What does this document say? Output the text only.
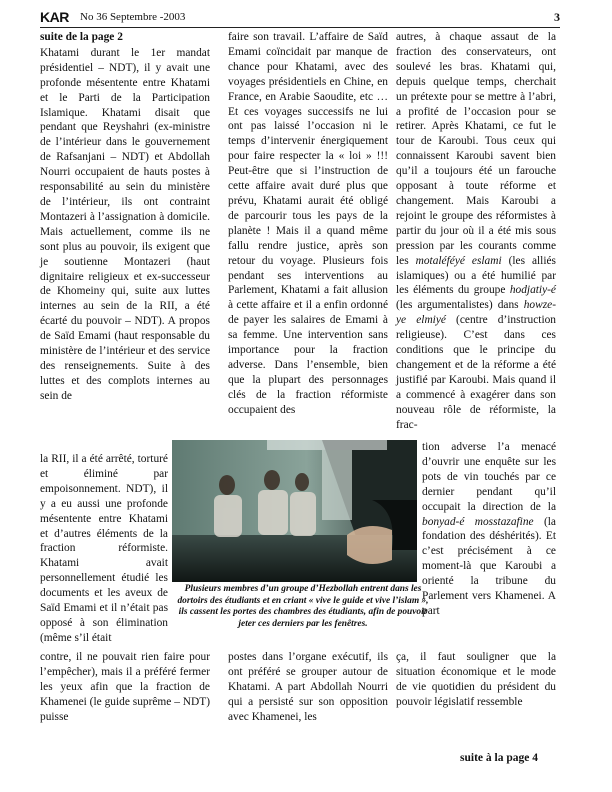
KAR No 36 Septembre -2003	3
suite de la page 2

Khatami durant le 1er mandat présidentiel – NDT), il y avait une profonde mésentente entre Khatami et le Parti de la Participation Islamique. Khatami disait que pendant que Reyshahri (ex-ministre de l’intérieur dans le gouvernement de Rafsanjani – NDT) et Abdollah Nourri occupaient de hauts postes à responsabilité au sein du ministère de l’intérieur, ils ont contraint Montazeri à l’assignation à domicile. Mais actuellement, comme ils ne sont plus au pouvoir, ils exigent que je soutienne Montazeri (haut dignitaire religieux et ex-successeur de Khomeiny qui, suite aux luttes internes au sein de la RII, a été écarté du pouvoir – NDT). A propos de Saïd Emami (haut responsable du ministère de l’intérieur et des service des renseignements. Suite à des luttes et des complots internes au sein de

la RII, il a été arrêté, torturé et éliminé par empoisonnement. NDT), il y a eu aussi une profonde mésentente entre Khatami et d’autres éléments de la fraction réformiste. Khatami avait personnellement étudié les documents et les aveux de Saïd Emami et il n’était pas opposé à son élimination (même s’il était

faire son travail. L’affaire de Saïd Emami coïncidait par manque de chance pour Khatami, avec des voyages présidentiels en Chine, en France, en Arabie Saoudite, etc … Et ces voyages successifs ne lui ont pas laissé l’occasion ni le temps d’intervenir énergiquement pour faire respecter la « loi » !!! Peut-être que si l’instruction de cette affaire avait duré plus que prévu, Khatami aurait été obligé de parcourir tous les pays de la planète ! Mais il a quand même fallu rendre justice, après son retour du voyage. Plusieurs fois pendant ses interventions au Parlement, Khatami a fait allusion à cette affaire et il a enfin ordonné de payer les salaires de Emami à sa femme. Une intervention sans importance pour la fraction adverse. Dans l’ensemble, bien que la plupart des personnages clés de la fraction réformiste occupaient des

autres, à chaque assaut de la fraction des conservateurs, ont soulevé les bras. Khatami qui, depuis quelque temps, cherchait un prétexte pour se mettre à l’abri, a profité de l’occasion pour se retirer. Après Khatami, ce fut le tour de Karoubi. Tous ceux qui connaissent Karoubi savent bien qu’il a toujours été un farouche opposant à toute réforme et changement. Mais Karoubi a rejoint le groupe des réformistes à partir du jour où il a été mis sous pression par les courants comme les motaléféyé eslami (les alliés islamiques) ou a été humilié par les éléments du groupe hodjatiy-é (les argumentalistes) dans howze-ye elmiyé (centre d’instruction religieuse). C’est dans ces conditions que le principe du changement et de la réforme a été justifié par Karoubi. Mais quand il a commencé à exagérer dans son nouveau rôle de réformiste, la frac-

tion adverse l’a menacé d’ouvrir une enquête sur les pots de vin touchés par ce dernier pendant qu’il occupait la direction de la bonyad-é mosstazafine (la fondation des déshérités). Et c’est précisément à ce moment-là que Karoubi a orienté la tribune du Parlement vers Khamenei. A part
Plusieurs membres d’un groupe d’Hezbollah entrent dans les dortoirs des étudiants et en criant « vive le guide et vive l’islam », ils cassent les portes des chambres des étudiants, afin de pouvoir jeter ces derniers par les fenêtres.
contre, il ne pouvait rien faire pour l’empêcher), mais il a préféré fermer les yeux afin que la fraction de Khamenei (le guide suprême – NDT) puisse
postes dans l’organe exécutif, ils ont préféré se grouper autour de Khatami. A part Abdollah Nourri qui a persisté sur son opposition avec Khamenei, les
ça, il faut souligner que la situation économique et le mode de vie quotidien du président du pouvoir législatif ressemble
suite à la page 4
